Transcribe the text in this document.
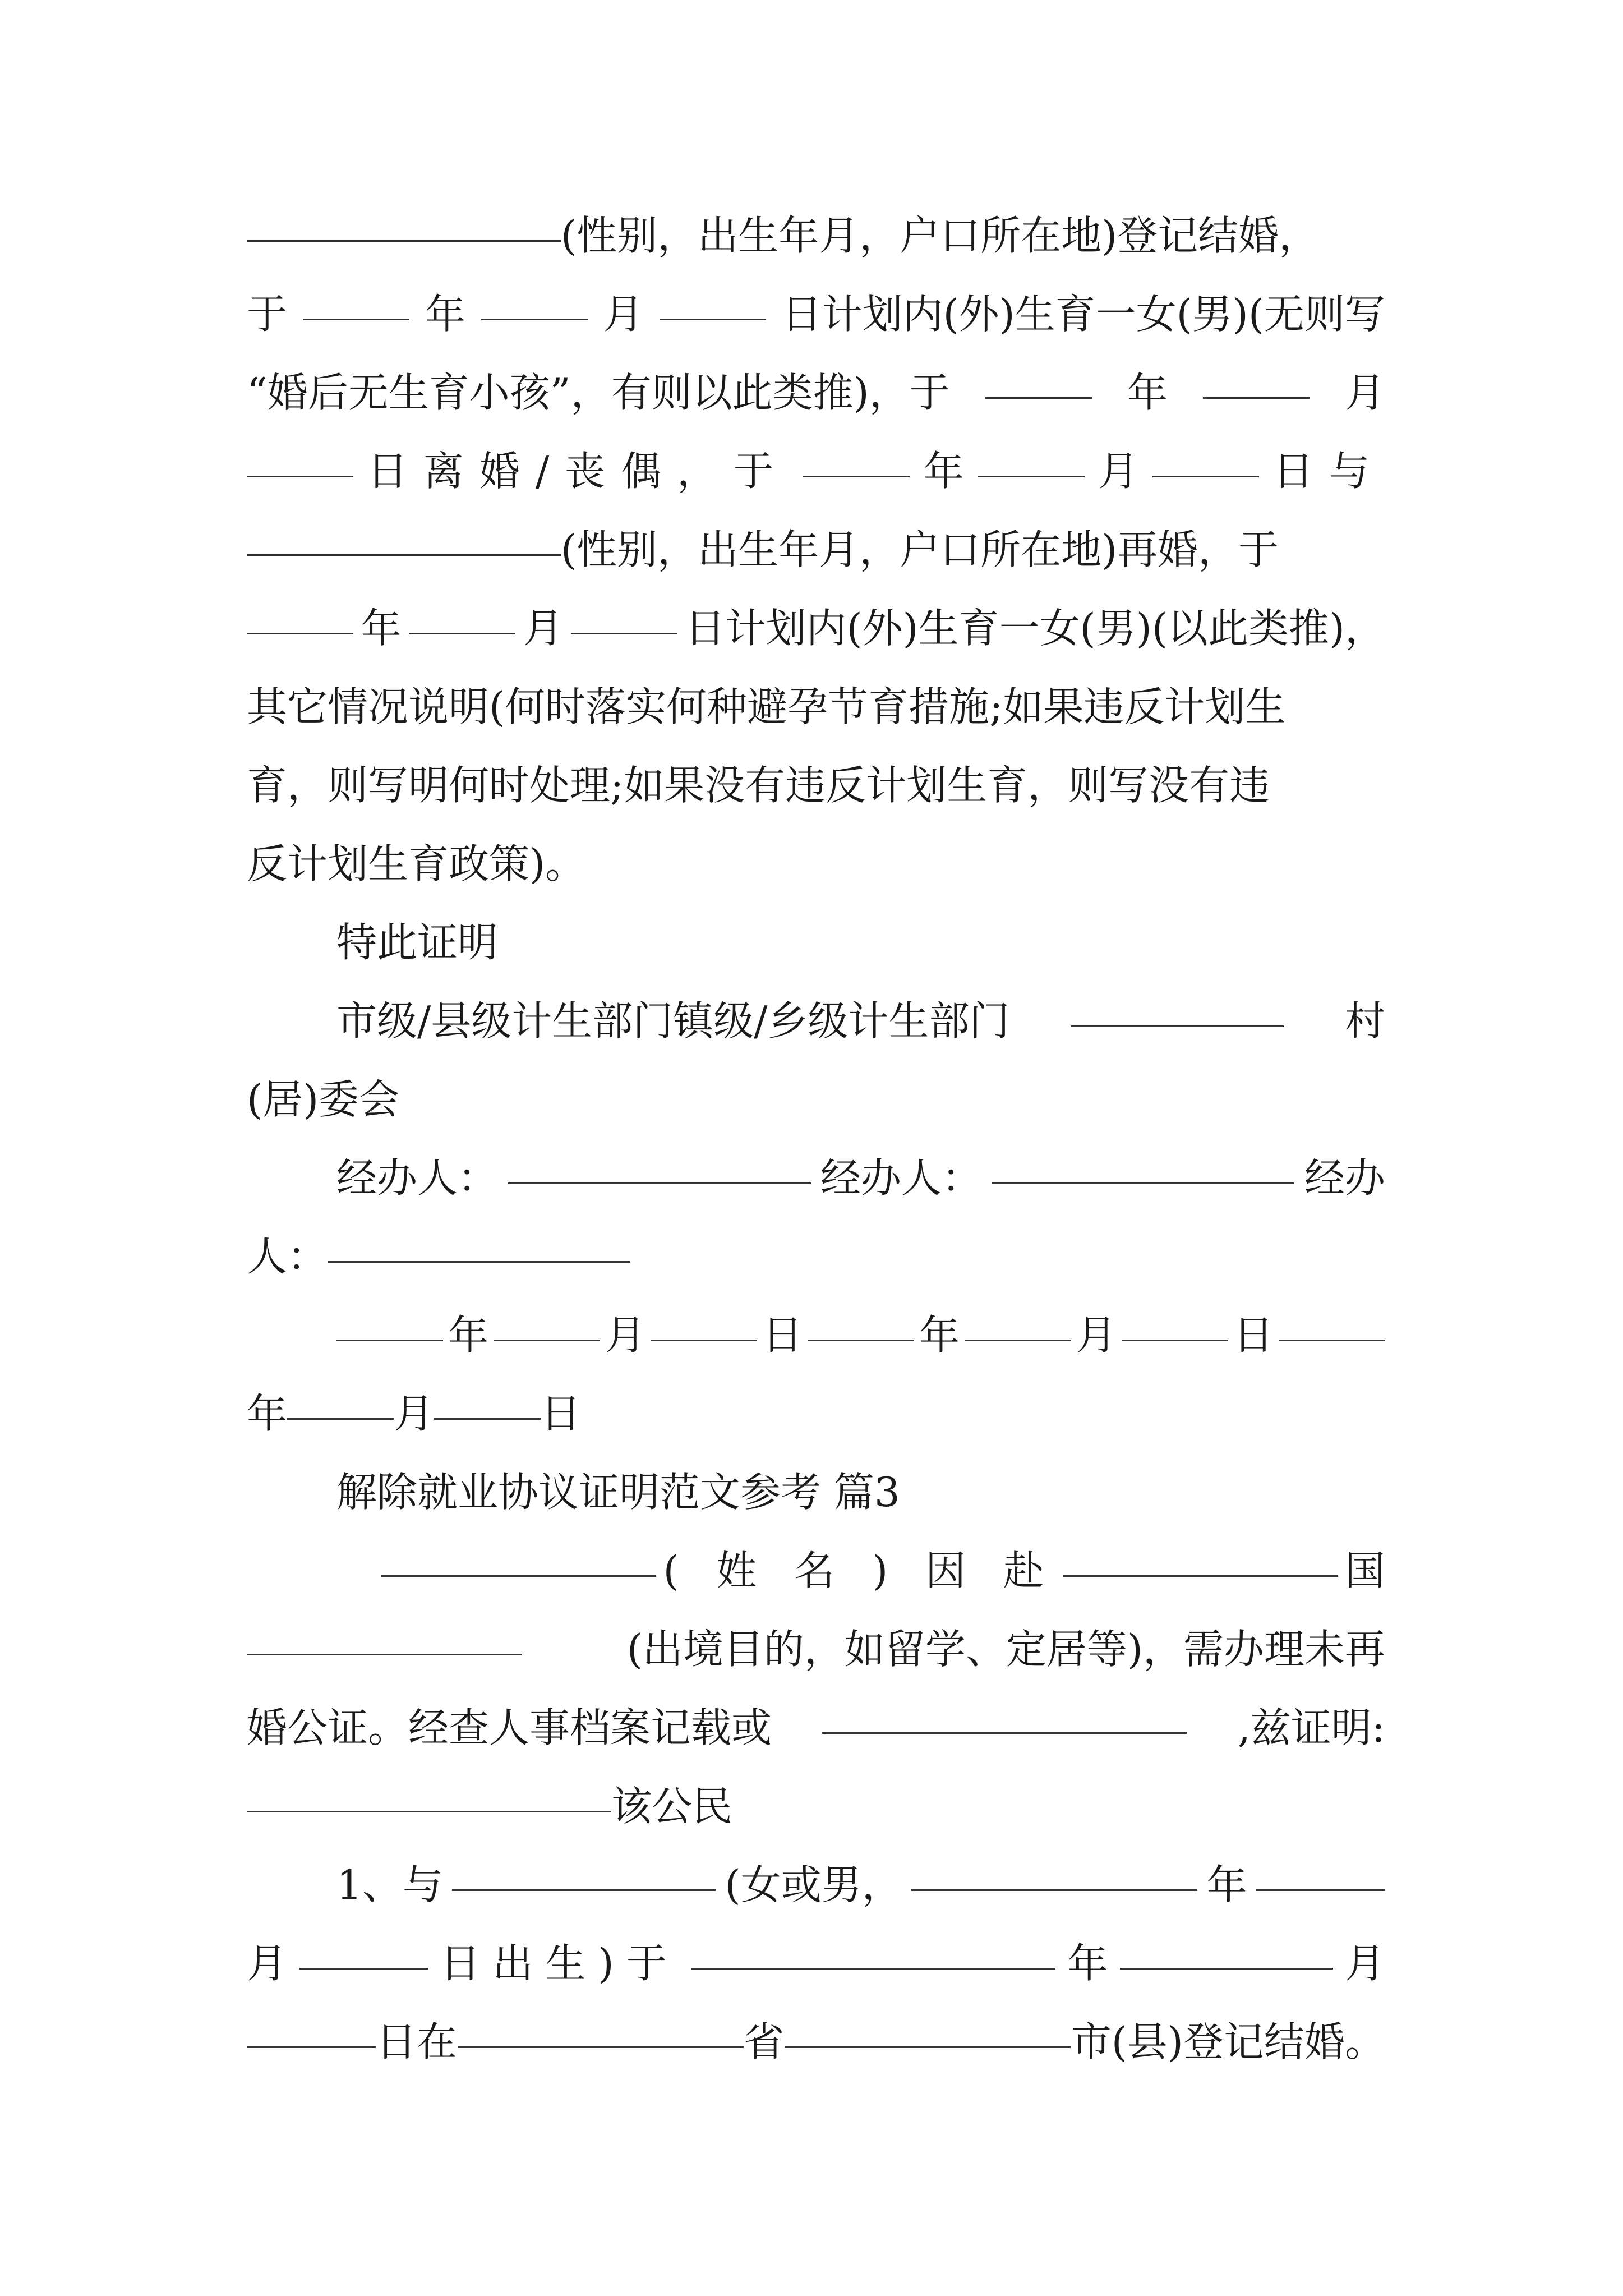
(性别，出生年月，户口所在地)登记结婚，
于	年	月	日计划内(外)生育一女(男)(无则写
“婚后无生育小孩”，有则以此类推)，于	年	月
日离婚/丧偶，于	年	月	日与
(性别，出生年月，户口所在地)再婚，于
年	月	日计划内(外)生育一女(男)(以此类推)，
其它情况说明(何时落实何种避孕节育措施;如果违反计划生
育，则写明何时处理;如果没有违反计划生育，则写没有违
反计划生育政策)。
特此证明
市级/县级计生部门镇级/乡级计生部门	村
(居)委会
经办人：	经办人：	经办
人：
年	月	日	年	月	日
年	月	日
解除就业协议证明范文参考 篇3
( 姓 名 ) 因 赴	国
(出境目的，如留学、定居等)，需办理未再
婚公证。经查人事档案记载或	,兹证明:
该公民
1、与	(女或男，	年
月	日出生)于	年	月
日在	省	市(县)登记结婚。
